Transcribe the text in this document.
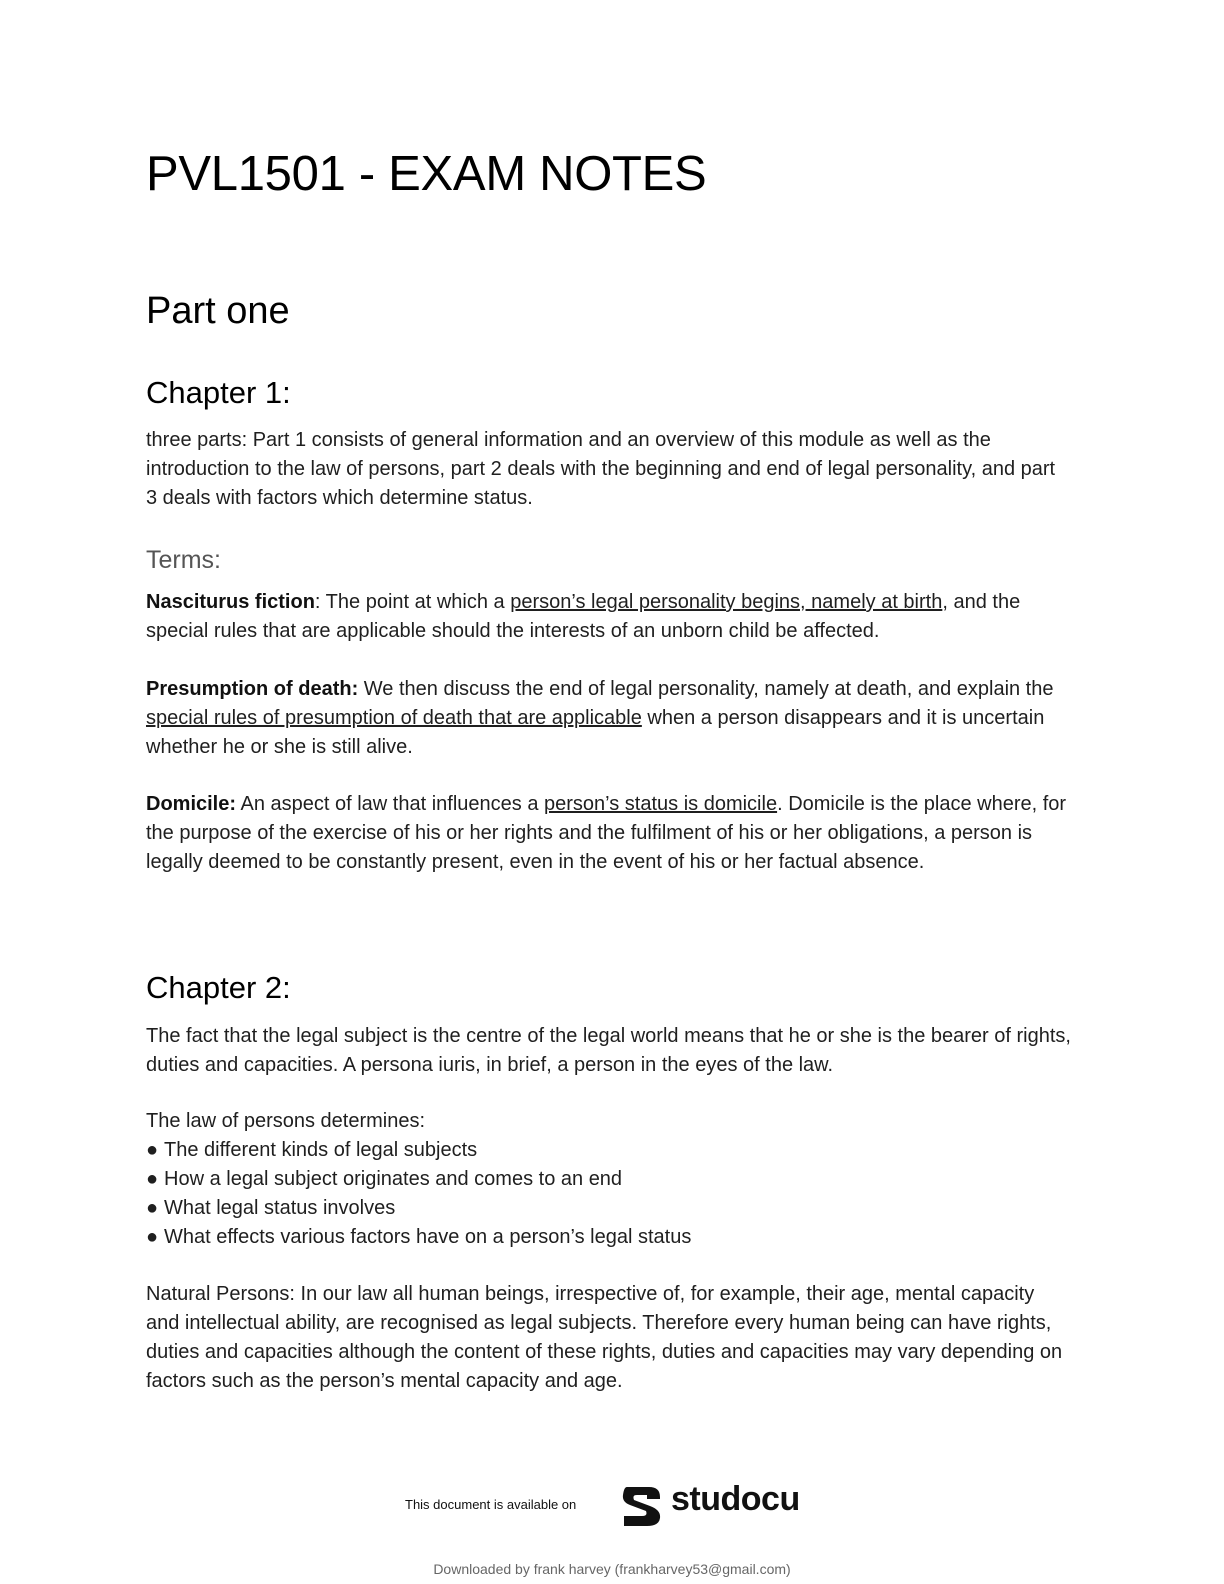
PVL1501 - EXAM NOTES
Part one
Chapter 1:

three parts: Part 1 consists of general information and an overview of this module as well as the introduction to the law of persons, part 2 deals with the beginning and end of legal personality, and part 3 deals with factors which determine status.

Terms:

Nasciturus fiction: The point at which a person’s legal personality begins, namely at birth, and the special rules that are applicable should the interests of an unborn child be affected.

Presumption of death: We then discuss the end of legal personality, namely at death, and explain the special rules of presumption of death that are applicable when a person disappears and it is uncertain whether he or she is still alive.

Domicile: An aspect of law that influences a person’s status is domicile. Domicile is the place where, for the purpose of the exercise of his or her rights and the fulfilment of his or her obligations, a person is legally deemed to be constantly present, even in the event of his or her factual absence.

Chapter 2:

The fact that the legal subject is the centre of the legal world means that he or she is the bearer of rights, duties and capacities. A persona iuris, in brief, a person in the eyes of the law.

The law of persons determines:

● The different kinds of legal subjects
● How a legal subject originates and comes to an end
● What legal status involves
● What effects various factors have on a person’s legal status

Natural Persons: In our law all human beings, irrespective of, for example, their age, mental capacity and intellectual ability, are recognised as legal subjects. Therefore every human being can have rights, duties and capacities although the content of these rights, duties and capacities may vary depending on factors such as the person’s mental capacity and age.

This document is available on	studocu
Downloaded by frank harvey (frankharvey53@gmail.com)
